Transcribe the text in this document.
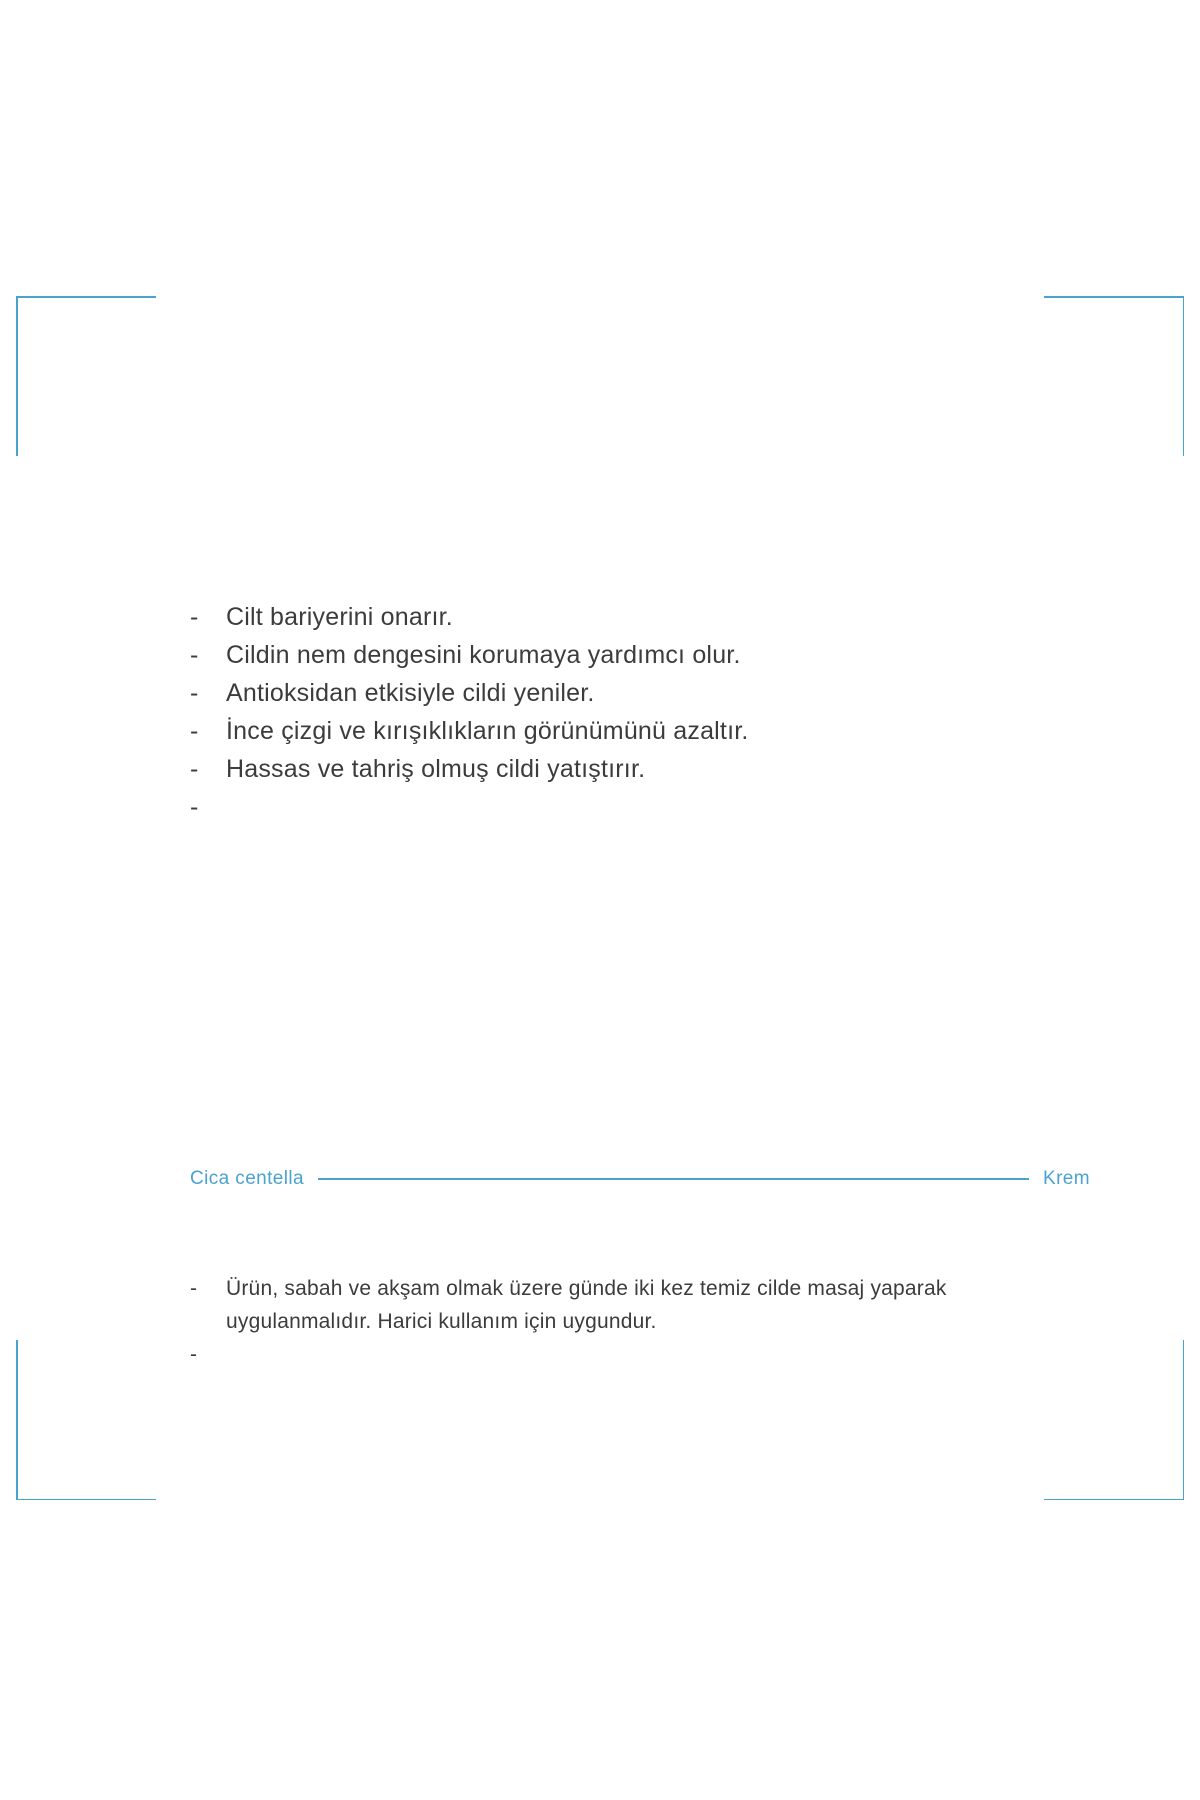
-	Cilt bariyerini onarır.
-	Cildin nem dengesini korumaya yardımcı olur.
-	Antioksidan etkisiyle cildi yeniler.
-	İnce çizgi ve kırışıklıkların görünümünü azaltır.
-	Hassas ve tahriş olmuş cildi yatıştırır.
-
Cica centella	Krem
-	Ürün, sabah ve akşam olmak üzere günde iki kez temiz cilde masaj yaparak uygulanmalıdır. Harici kullanım için uygundur.
-
